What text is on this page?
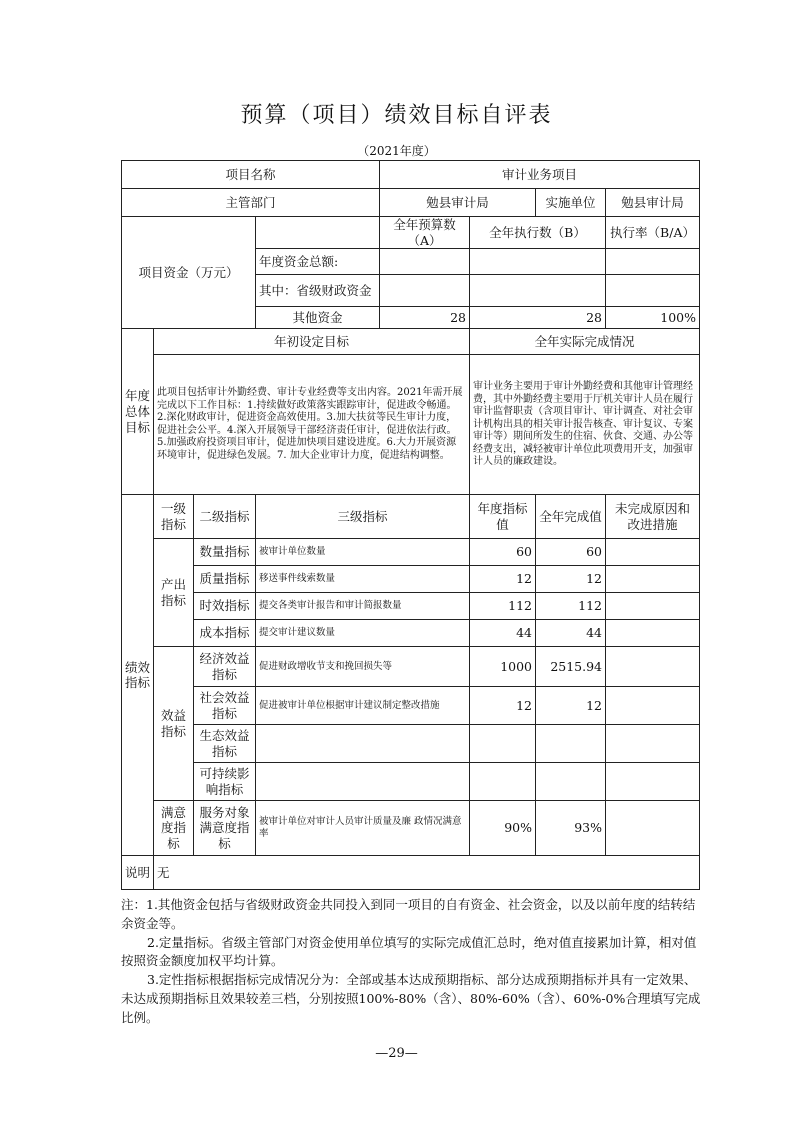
预算（项目）绩效目标自评表
（2021年度）
项目名称				审计业务项目			
主管部门				勉县审计局		实施单位	勉县审计局
项目资金（万元）				全年预算数（A）	全年执行数（B）		执行率（B/A）
			年度资金总额:				
			其中：省级财政资金				
			其他资金	28	28		100%
年度总体目标	年初设定目标				全年实际完成情况		
	此项目包括审计外勤经费、审计专业经费等支出内容。2021年需开展完成以下工作目标：1.持续做好政策落实跟踪审计，促进政令畅通。2.深化财政审计，促进资金高效使用。3.加大扶贫等民生审计力度，促进社会公平。4.深入开展领导干部经济责任审计，促进依法行政。5.加强政府投资项目审计，促进加快项目建设进度。6.大力开展资源环境审计，促进绿色发展。7. 加大企业审计力度，促进结构调整。				审计业务主要用于审计外勤经费和其他审计管理经费，其中外勤经费主要用于厅机关审计人员在履行审计监督职责（含项目审计、审计调查、对社会审计机构出具的相关审计报告核查、审计复议、专案审计等）期间所发生的住宿、伙食、交通、办公等经费支出，减轻被审计单位此项费用开支，加强审计人员的廉政建设。		
绩效指标	一级指标	二级指标	三级指标		年度指标值	全年完成值	未完成原因和改进措施
	产出指标	数量指标	被审计单位数量		60	60	
		质量指标	移送事件线索数量		12	12	
		时效指标	提交各类审计报告和审计简报数量		112	112	
		成本指标	提交审计建议数量		44	44	
	效益指标	经济效益指标	促进财政增收节支和挽回损失等		1000	2515.94	
		社会效益指标	促进被审计单位根据审计建议制定整改措施		12	12	
		生态效益指标					
		可持续影响指标					
	满意度指标	服务对象满意度指标	被审计单位对审计人员审计质量及廉 政情况满意率		90%	93%	
说明	无						

注：1.其他资金包括与省级财政资金共同投入到同一项目的自有资金、社会资金，以及以前年度的结转结余资金等。

2.定量指标。省级主管部门对资金使用单位填写的实际完成值汇总时，绝对值直接累加计算，相对值按照资金额度加权平均计算。

3.定性指标根据指标完成情况分为：全部或基本达成预期指标、部分达成预期指标并具有一定效果、未达成预期指标且效果较差三档，分别按照100%-80%（含）、80%-60%（含）、60%-0%合理填写完成比例。

—29—
